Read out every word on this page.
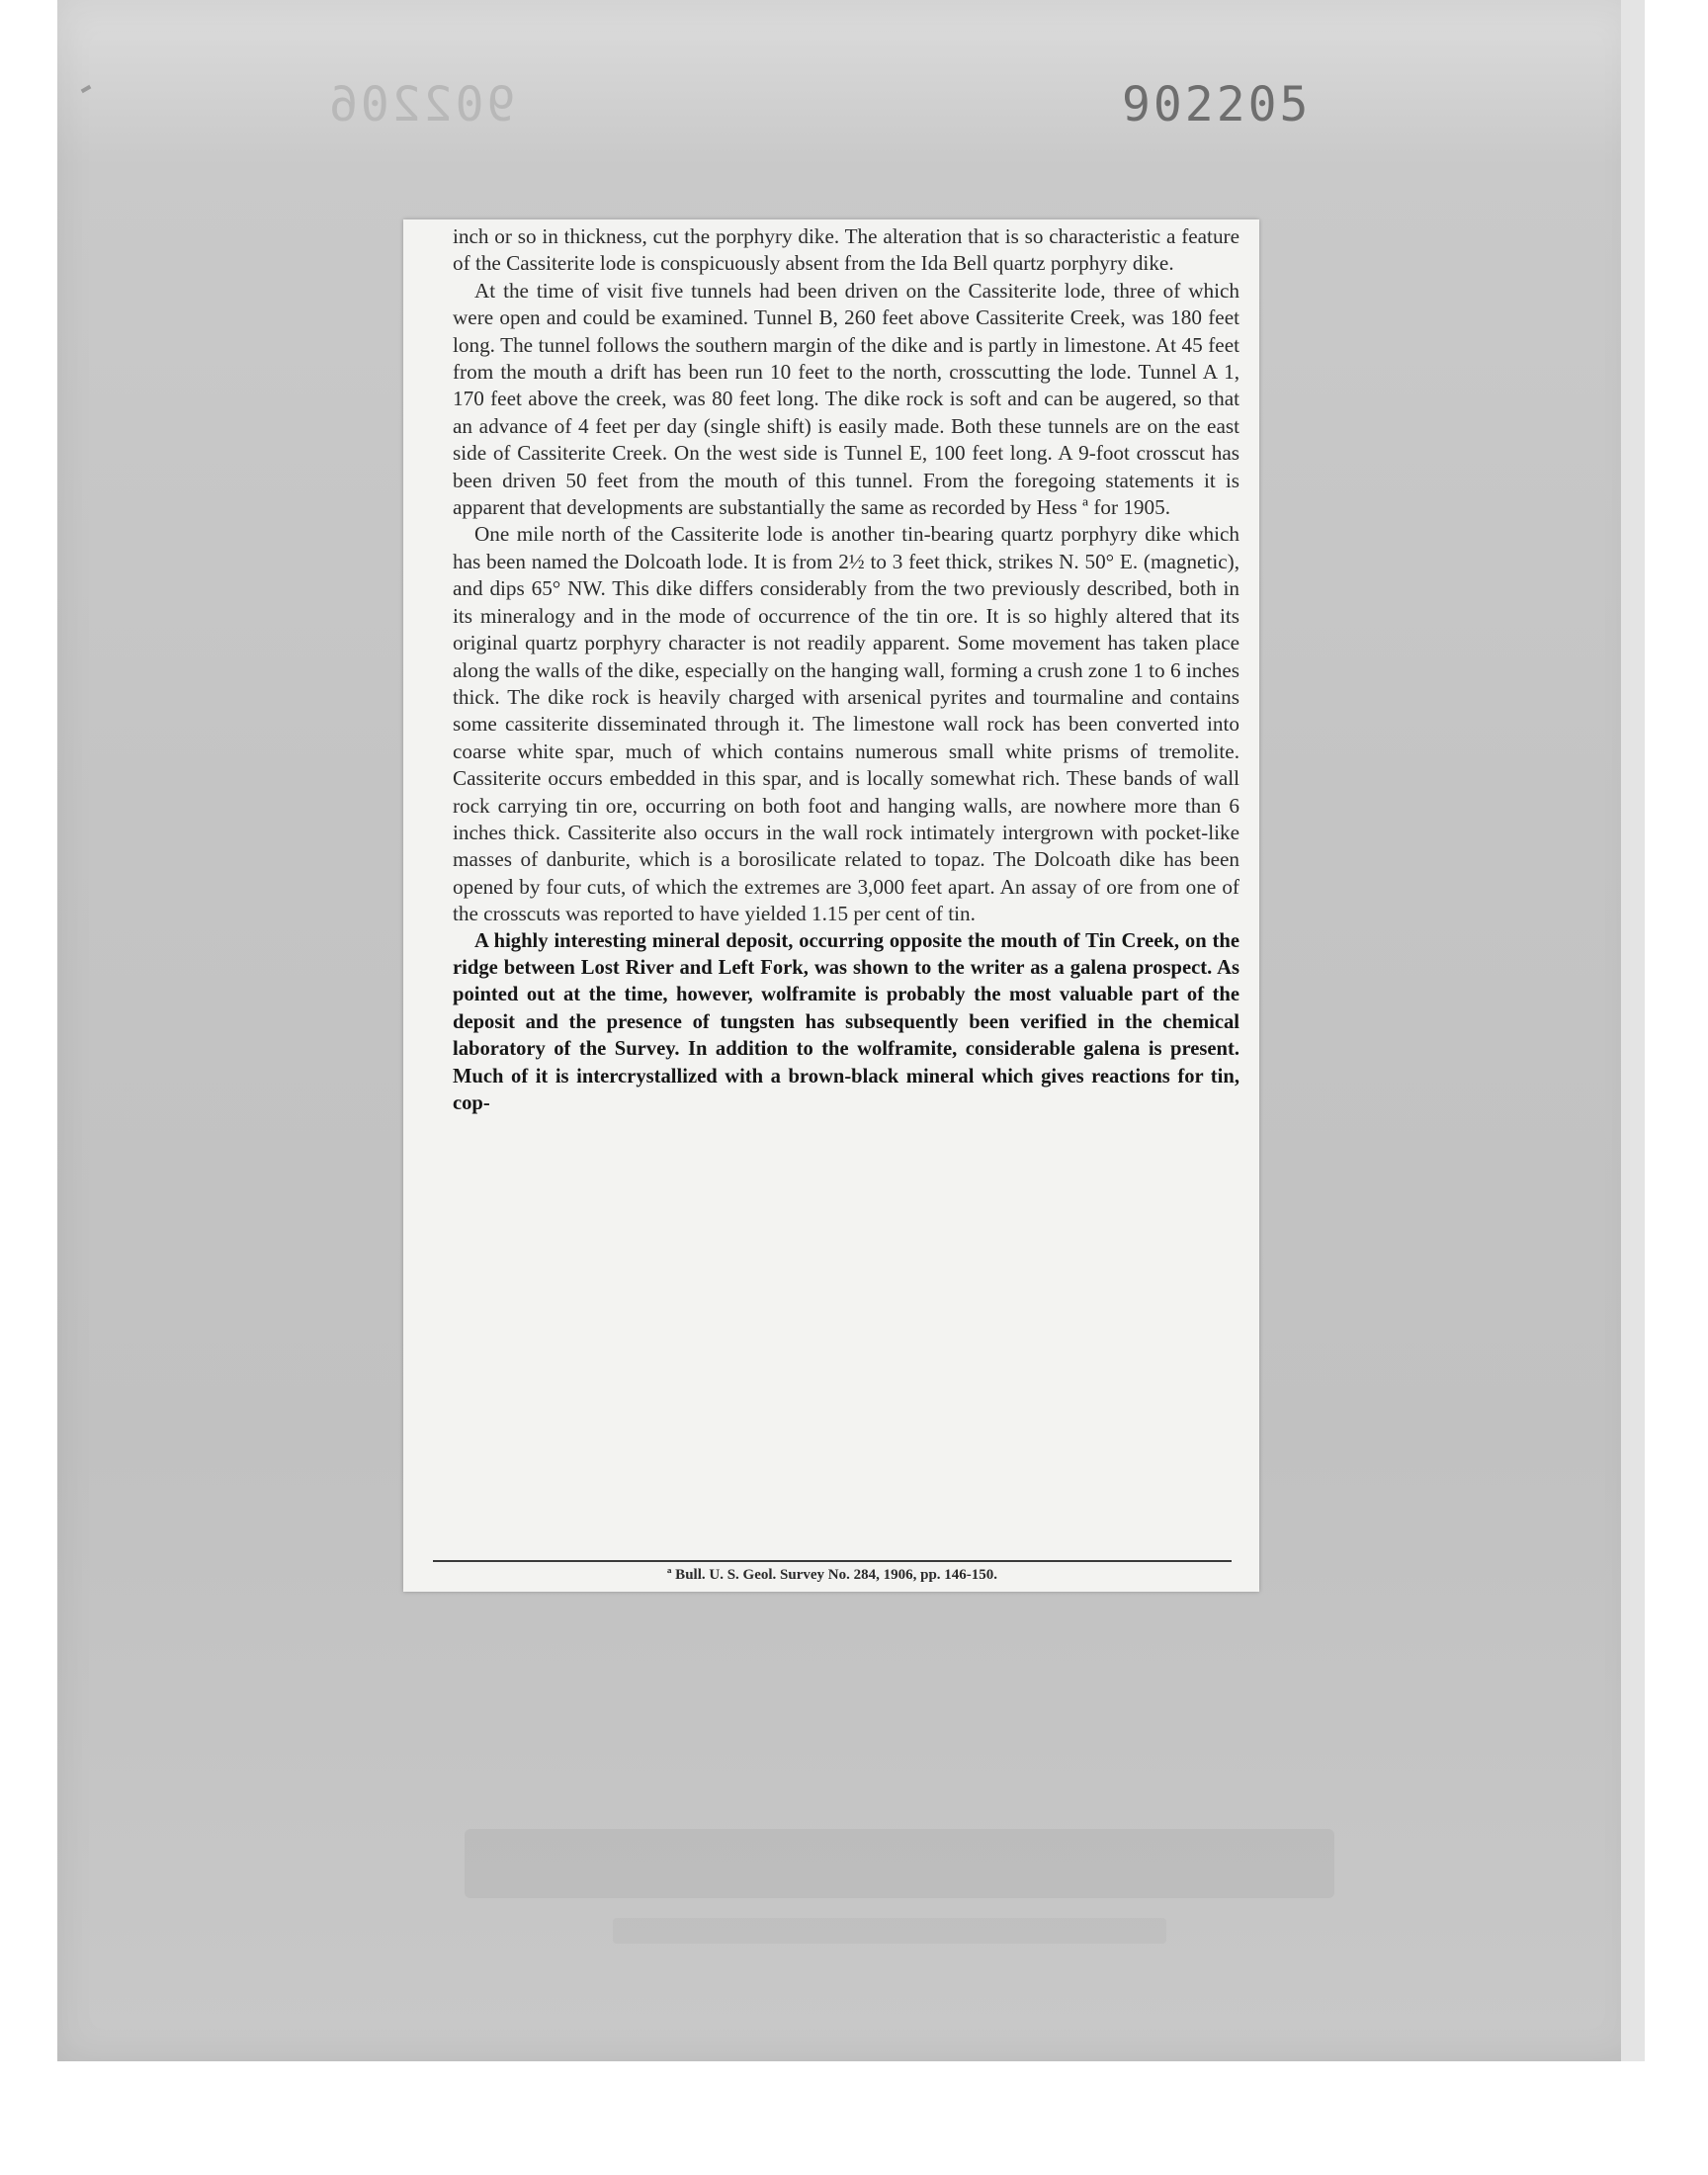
902206	902205

inch or so in thickness, cut the porphyry dike. The alteration that is so characteristic a feature of the Cassiterite lode is conspicuously absent from the Ida Bell quartz porphyry dike.

At the time of visit five tunnels had been driven on the Cassiterite lode, three of which were open and could be examined. Tunnel B, 260 feet above Cassiterite Creek, was 180 feet long. The tunnel follows the southern margin of the dike and is partly in limestone. At 45 feet from the mouth a drift has been run 10 feet to the north, crosscutting the lode. Tunnel A 1, 170 feet above the creek, was 80 feet long. The dike rock is soft and can be augered, so that an advance of 4 feet per day (single shift) is easily made. Both these tunnels are on the east side of Cassiterite Creek. On the west side is Tunnel E, 100 feet long. A 9-foot crosscut has been driven 50 feet from the mouth of this tunnel. From the foregoing statements it is apparent that developments are substantially the same as recorded by Hess ª for 1905.

One mile north of the Cassiterite lode is another tin-bearing quartz porphyry dike which has been named the Dolcoath lode. It is from 2½ to 3 feet thick, strikes N. 50° E. (magnetic), and dips 65° NW. This dike differs considerably from the two previously described, both in its mineralogy and in the mode of occurrence of the tin ore. It is so highly altered that its original quartz porphyry character is not readily apparent. Some movement has taken place along the walls of the dike, especially on the hanging wall, forming a crush zone 1 to 6 inches thick. The dike rock is heavily charged with arsenical pyrites and tourmaline and contains some cassiterite disseminated through it. The limestone wall rock has been converted into coarse white spar, much of which contains numerous small white prisms of tremolite. Cassiterite occurs embedded in this spar, and is locally somewhat rich. These bands of wall rock carrying tin ore, occurring on both foot and hanging walls, are nowhere more than 6 inches thick. Cassiterite also occurs in the wall rock intimately intergrown with pocket-like masses of danburite, which is a borosilicate related to topaz. The Dolcoath dike has been opened by four cuts, of which the extremes are 3,000 feet apart. An assay of ore from one of the crosscuts was reported to have yielded 1.15 per cent of tin.

A highly interesting mineral deposit, occurring opposite the mouth of Tin Creek, on the ridge between Lost River and Left Fork, was shown to the writer as a galena prospect. As pointed out at the time, however, wolframite is probably the most valuable part of the deposit and the presence of tungsten has subsequently been verified in the chemical laboratory of the Survey. In addition to the wolframite, considerable galena is present. Much of it is intercrystallized with a brown-black mineral which gives reactions for tin, cop-

ª Bull. U. S. Geol. Survey No. 284, 1906, pp. 146-150.
